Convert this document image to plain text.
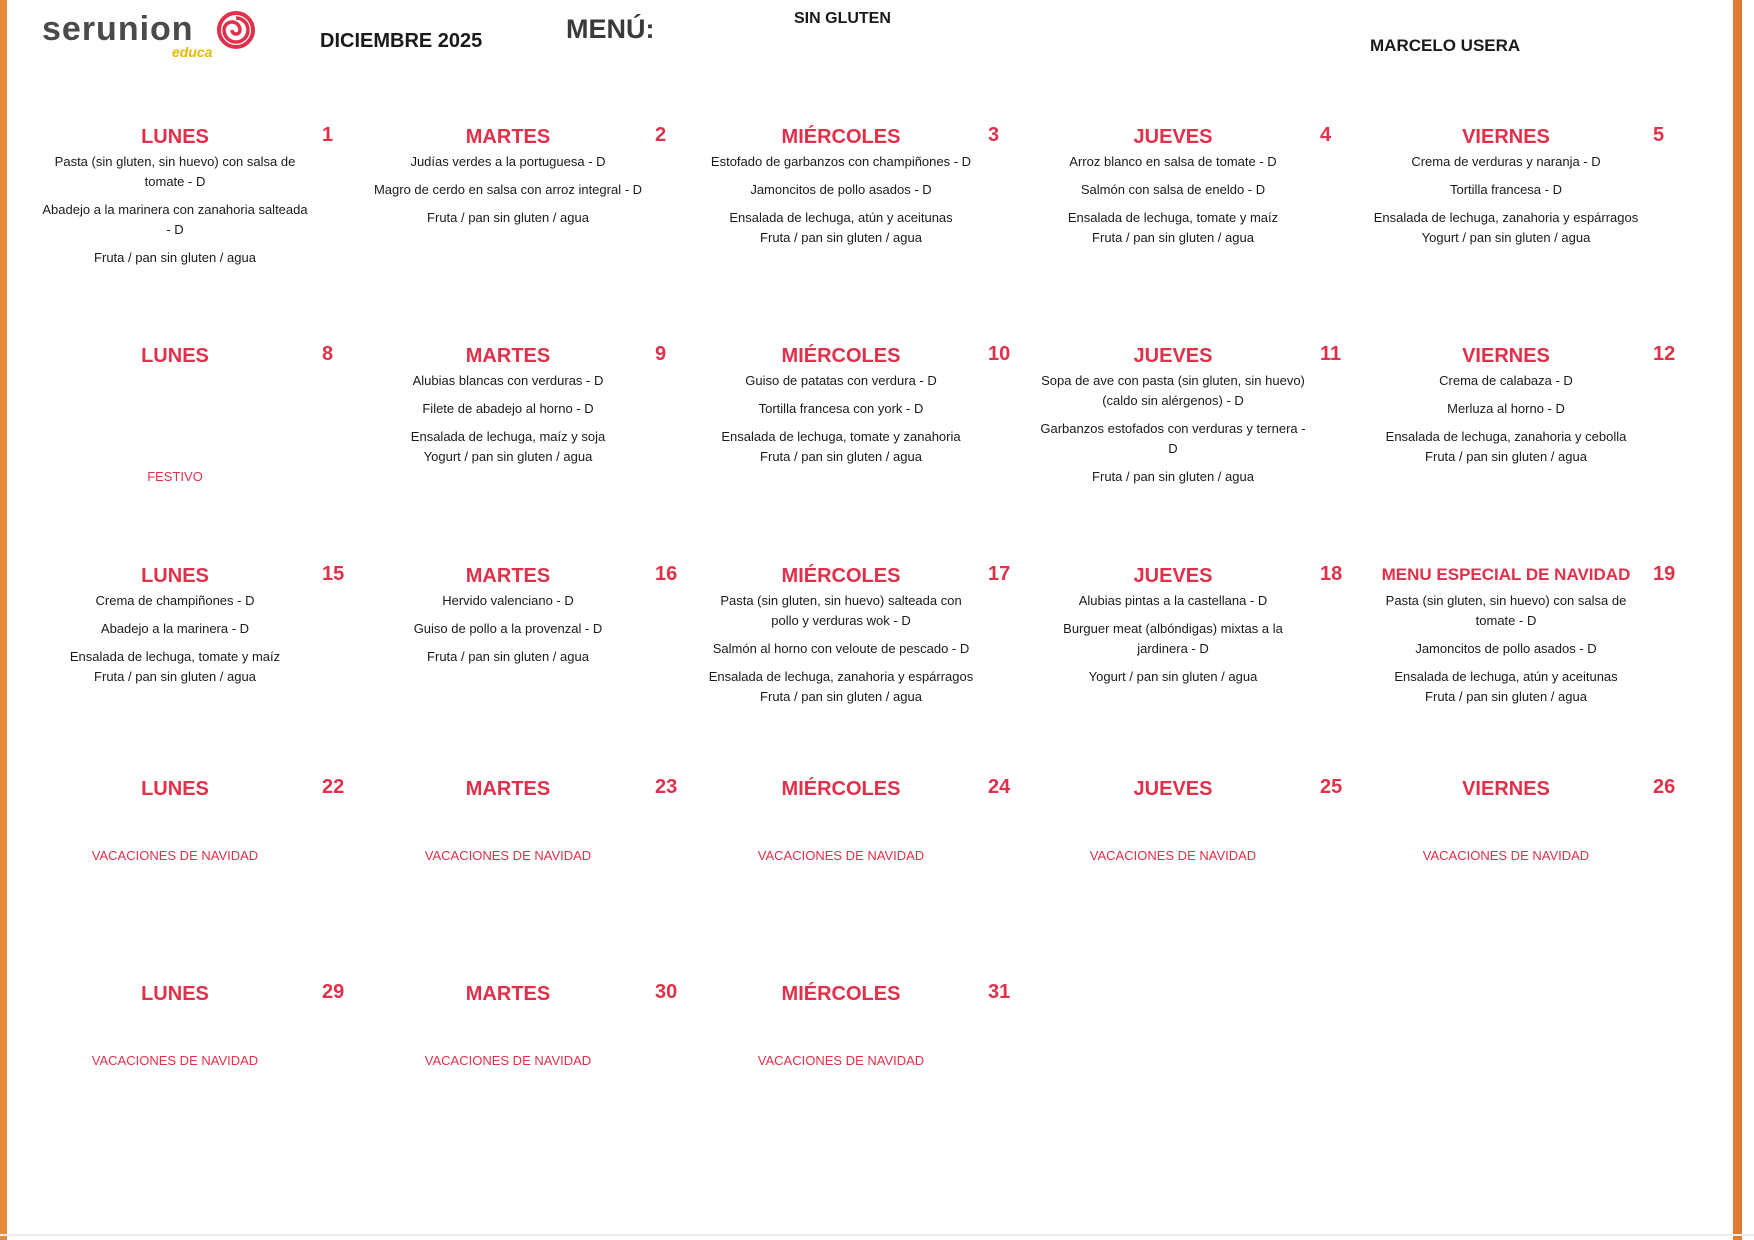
serunion
educa	DICIEMBRE 2025	MENÚ:	SIN GLUTEN
MARCELO USERA
LUNES	1
Pasta (sin gluten, sin huevo) con salsa de tomate - D
Abadejo a la marinera con zanahoria salteada - D
Fruta / pan sin gluten / agua
MARTES	2
Judías verdes a la portuguesa - D
Magro de cerdo en salsa con arroz integral - D
Fruta / pan sin gluten / agua
MIÉRCOLES	3
Estofado de garbanzos con champiñones - D
Jamoncitos de pollo asados - D
Ensalada de lechuga, atún y aceitunas
Fruta / pan sin gluten / agua
JUEVES	4
Arroz blanco en salsa de tomate - D
Salmón con salsa de eneldo - D
Ensalada de lechuga, tomate y maíz
Fruta / pan sin gluten / agua
VIERNES	5
Crema de verduras y naranja - D
Tortilla francesa - D
Ensalada de lechuga, zanahoria y espárragos
Yogurt / pan sin gluten / agua
LUNES	8
FESTIVO
MARTES	9
Alubias blancas con verduras - D
Filete de abadejo al horno - D
Ensalada de lechuga, maíz y soja
Yogurt / pan sin gluten / agua
MIÉRCOLES	10
Guiso de patatas con verdura - D
Tortilla francesa con york - D
Ensalada de lechuga, tomate y zanahoria
Fruta / pan sin gluten / agua
JUEVES	11
Sopa de ave con pasta (sin gluten, sin huevo) (caldo sin alérgenos) - D
Garbanzos estofados con verduras y ternera - D
Fruta / pan sin gluten / agua
VIERNES	12
Crema de calabaza - D
Merluza al horno - D
Ensalada de lechuga, zanahoria y cebolla
Fruta / pan sin gluten / agua
LUNES	15
Crema de champiñones - D
Abadejo a la marinera - D
Ensalada de lechuga, tomate y maíz
Fruta / pan sin gluten / agua
MARTES	16
Hervido valenciano - D
Guiso de pollo a la provenzal - D
Fruta / pan sin gluten / agua
MIÉRCOLES	17
Pasta (sin gluten, sin huevo) salteada con pollo y verduras wok - D
Salmón al horno con veloute de pescado - D
Ensalada de lechuga, zanahoria y espárragos
Fruta / pan sin gluten / agua
JUEVES	18
Alubias pintas a la castellana - D
Burguer meat (albóndigas) mixtas a la jardinera - D
Yogurt / pan sin gluten / agua
MENU ESPECIAL DE NAVIDAD	19
Pasta (sin gluten, sin huevo) con salsa de tomate - D
Jamoncitos de pollo asados - D
Ensalada de lechuga, atún y aceitunas
Fruta / pan sin gluten / agua
LUNES	22
VACACIONES DE NAVIDAD
MARTES	23
VACACIONES DE NAVIDAD
MIÉRCOLES	24
VACACIONES DE NAVIDAD
JUEVES	25
VACACIONES DE NAVIDAD
VIERNES	26
VACACIONES DE NAVIDAD
LUNES	29
VACACIONES DE NAVIDAD
MARTES	30
VACACIONES DE NAVIDAD
MIÉRCOLES	31
VACACIONES DE NAVIDAD
